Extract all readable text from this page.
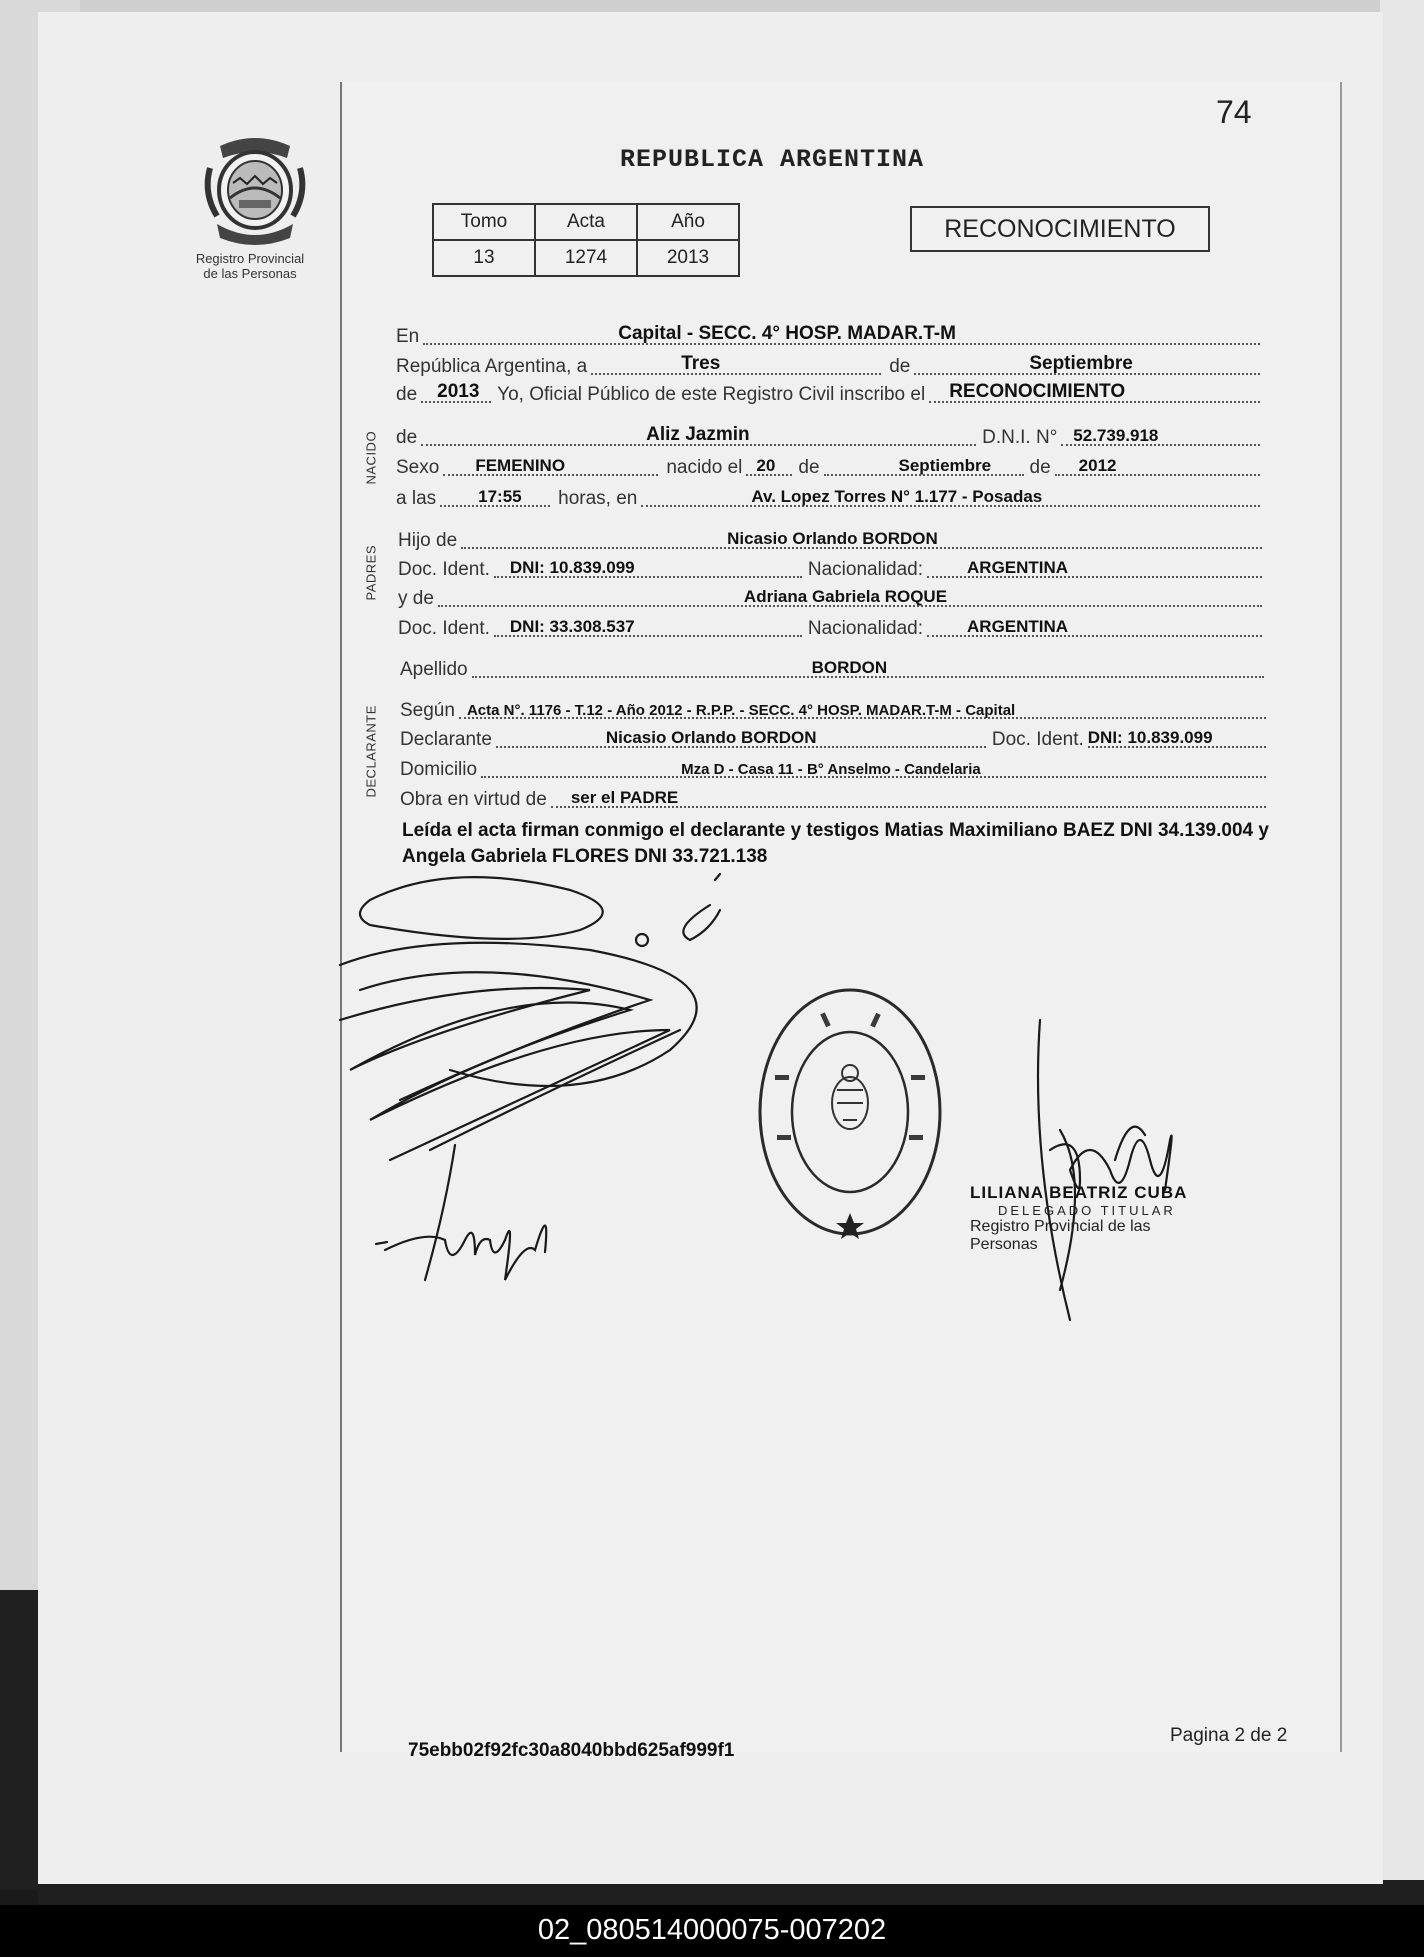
74
Registro Provincial
de las Personas
REPUBLICA ARGENTINA
Tomo	Acta	Año
13	1274	2013
RECONOCIMIENTO
En	Capital - SECC. 4° HOSP. MADAR.T-M
República Argentina, a	Tres	de	Septiembre
de 2013 Yo, Oficial Público de este Registro Civil inscribo el RECONOCIMIENTO
NACIDO de	Aliz Jazmin	D.N.I. N° 52.739.918
Sexo FEMENINO	nacido el 20	de	Septiembre	de 2012
a las 17:55	horas, en	Av. Lopez Torres N° 1.177 - Posadas
PADRES
Hijo de	Nicasio Orlando BORDON
Doc. Ident. DNI: 10.839.099	Nacionalidad:	ARGENTINA
y de	Adriana Gabriela ROQUE
Doc. Ident. DNI: 33.308.537	Nacionalidad:	ARGENTINA
Apellido	BORDON
DECLARANTE Según Acta N°. 1176 - T.12 - Año 2012 - R.P.P. - SECC. 4° HOSP. MADAR.T-M - Capital
Declarante	Nicasio Orlando BORDON	Doc. Ident. DNI: 10.839.099
Domicilio	Mza D - Casa 11 - B° Anselmo - Candelaria
Obra en virtud de ser el PADRE
Leída el acta firman conmigo el declarante y testigos Matias Maximiliano BAEZ DNI 34.139.004 y Angela Gabriela FLORES DNI 33.721.138
LILIANA BEATRIZ CUBA
DELEGADO TITULAR
Registro Provincial de las Personas
75ebb02f92fc30a8040bbd625af999f1
Pagina 2 de 2
02_080514000075-007202
